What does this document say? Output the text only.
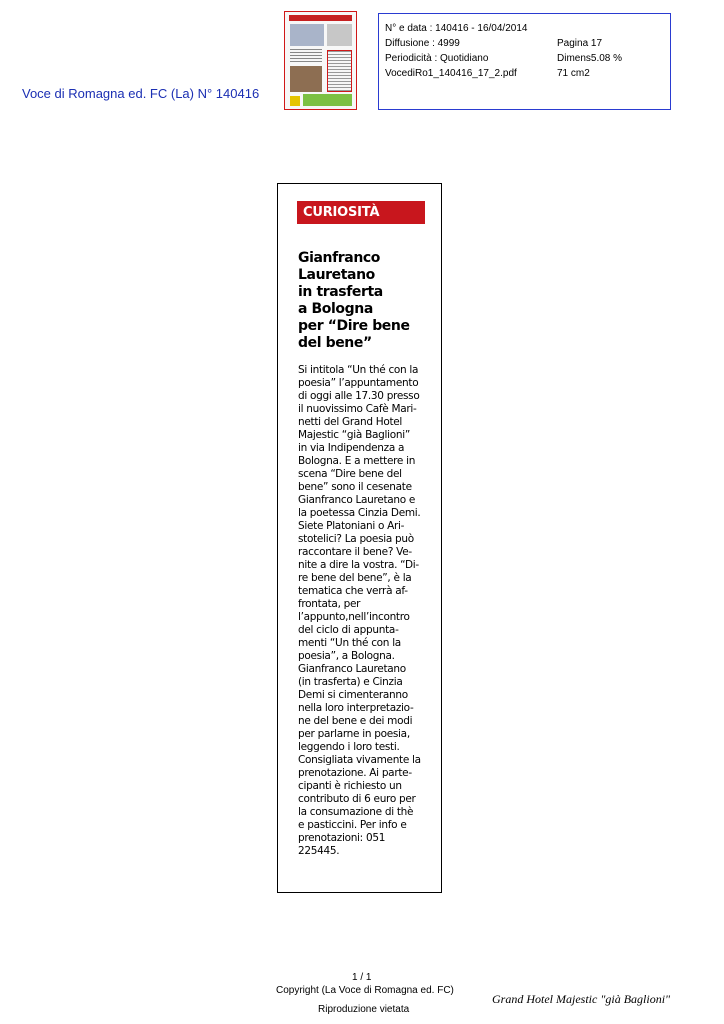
Voce di Romagna ed. FC (La) N° 140416
N° e data : 140416 - 16/04/2014
Diffusione : 4999	Pagina 17
Periodicità : Quotidiano	Dimens5.08 %
VocediRo1_140416_17_2.pdf	71 cm2
CURIOSITÀ
Gianfranco
Lauretano
in trasferta
a Bologna
per “Dire bene
del bene”
Si intitola “Un thé con la
poesia” l’appuntamento
di oggi alle 17.30 presso
il nuovissimo Cafè Mari-
netti del Grand Hotel
Majestic “già Baglioni”
in via Indipendenza a
Bologna. E a mettere in
scena “Dire bene del
bene” sono il cesenate
Gianfranco Lauretano e
la poetessa Cinzia Demi.
Siete Platoniani o Ari-
stotelici? La poesia può
raccontare il bene? Ve-
nite a dire la vostra. “Di-
re bene del bene”, è la
tematica che verrà af-
frontata, per
l’appunto,nell’incontro
del ciclo di appunta-
menti “Un thé con la
poesia”, a Bologna.
Gianfranco Lauretano
(in trasferta) e Cinzia
Demi si cimenteranno
nella loro interpretazio-
ne del bene e dei modi
per parlarne in poesia,
leggendo i loro testi.
Consigliata vivamente la
prenotazione. Ai parte-
cipanti è richiesto un
contributo di 6 euro per
la consumazione di thè
e pasticcini. Per info e
prenotazioni: 051
225445.
1 / 1
Copyright (La Voce di Romagna ed. FC)
Riproduzione vietata
Grand Hotel Majestic "già Baglioni"
